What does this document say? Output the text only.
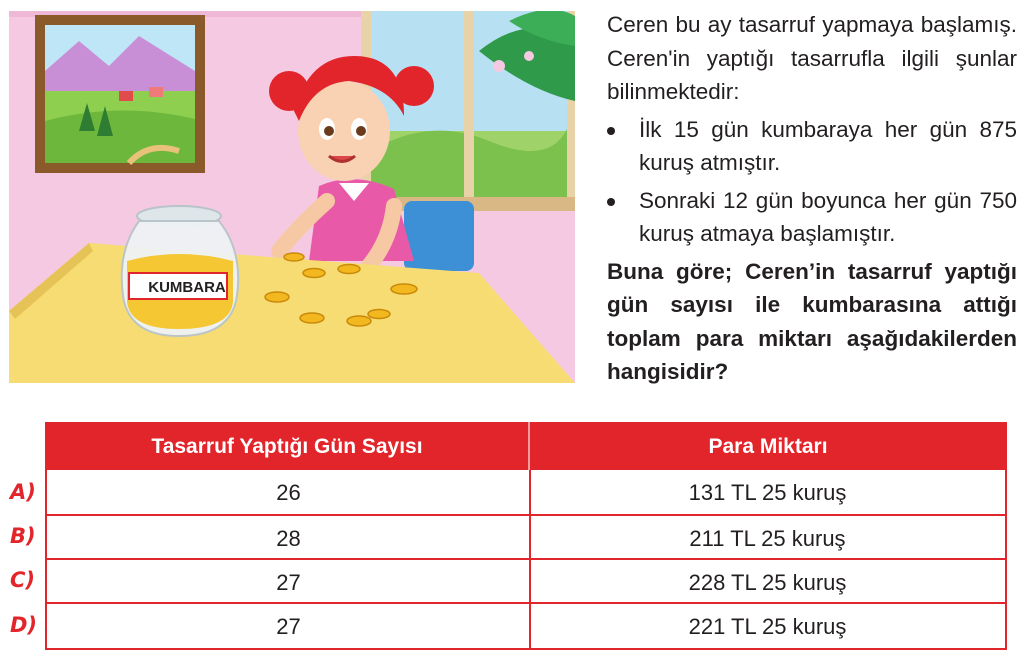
KUMBARA

Ceren bu ay tasarruf yapmaya başlamış. Ceren'in yaptığı tasarrufla ilgili şunlar bilinmektedir:

İlk 15 gün kumbaraya her gün 875 kuruş atmıştır.
Sonraki 12 gün boyunca her gün 750 kuruş atmaya başlamıştır.

Buna göre; Ceren’in tasarruf yaptığı gün sayısı ile kumbarasına attığı toplam para miktarı aşağıdakilerden hangisidir?

A)
B)
C)
D)
Tasarruf Yaptığı Gün Sayısı	Para Miktarı
26	131 TL 25 kuruş
28	211 TL 25 kuruş
27	228 TL 25 kuruş
27	221 TL 25 kuruş
